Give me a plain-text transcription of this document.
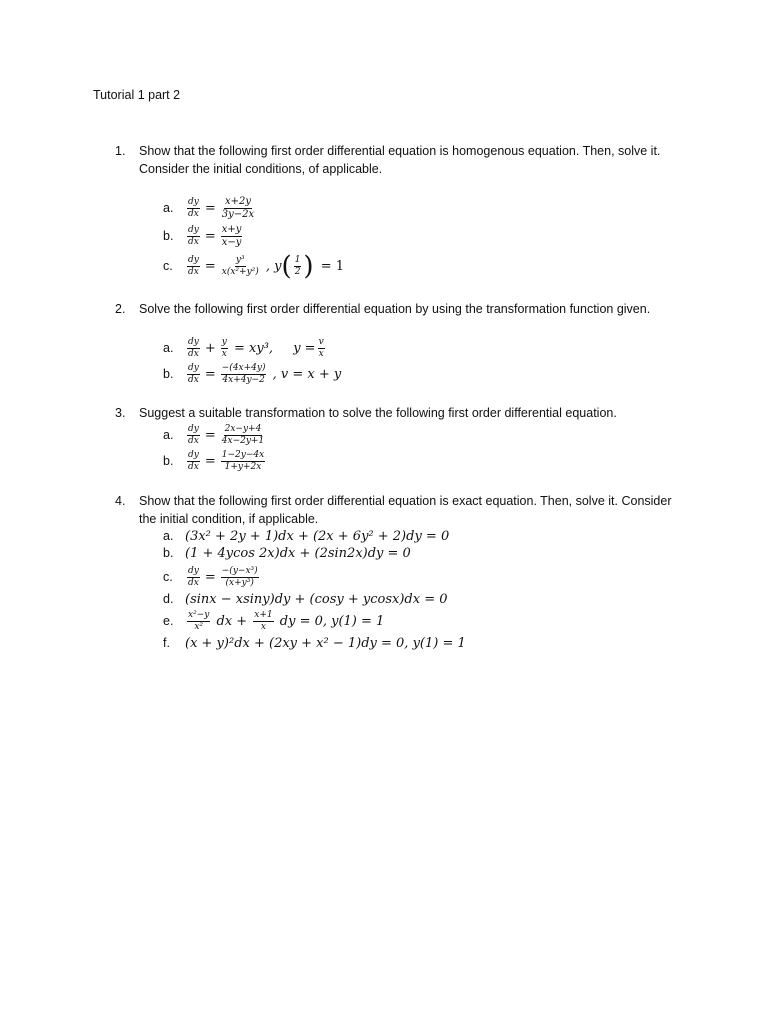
Tutorial 1 part 2
1. Show that the following first order differential equation is homogenous equation. Then, solve it. Consider the initial conditions, of applicable.
a.	$\frac{dy}{dx} = \frac{x+2y}{3y-2x}$
b.	$\frac{dy}{dx} = \frac{x+y}{x-y}$
c.	$\frac{dy}{dx} = \frac{\text{y³}}{\text{x(x²+y²)}}$ , $y( \frac{1}{2}$ ) = 1
2. Solve the following first order differential equation by using the transformation function given.
a.	$\frac{dy}{dx} + \frac{y}{x} = xy^3$, $y = \frac{v}{x}$
b.	$\frac{dy}{dx} = \frac{-(4x+4y)}{4x+4y-2}$ , v = x + y
3. Suggest a suitable transformation to solve the following first order differential equation.
a.	$\frac{dy}{dx} = \frac{2x-y+4}{4x-2y+1}$
b.	$\frac{dy}{dx} = \frac{1-2y-4x}{1+y+2x}$
4. Show that the following first order differential equation is exact equation. Then, solve it. Consider the initial condition, if applicable.
a. (3x² + 2y + 1)dx + (2x + 6y² + 2)dy = 0
b. (1 + 4ycos 2x)dx + (2sin2x)dy = 0
c.	$\frac{dy}{dx} = \frac{\text{−(y−x³)}}{\text{(x+y³)}}$
d. (sinx − xsiny)dy + (cosy + ycosx)dx = 0
e.	$\frac{\text{x²−y}}{\text{x²}}$ dx + $\frac{x+1}{x}$ dy = 0, y(1) = 1
f.	(x + y)²dx + (2xy + x² − 1)dy = 0, y(1) = 1
